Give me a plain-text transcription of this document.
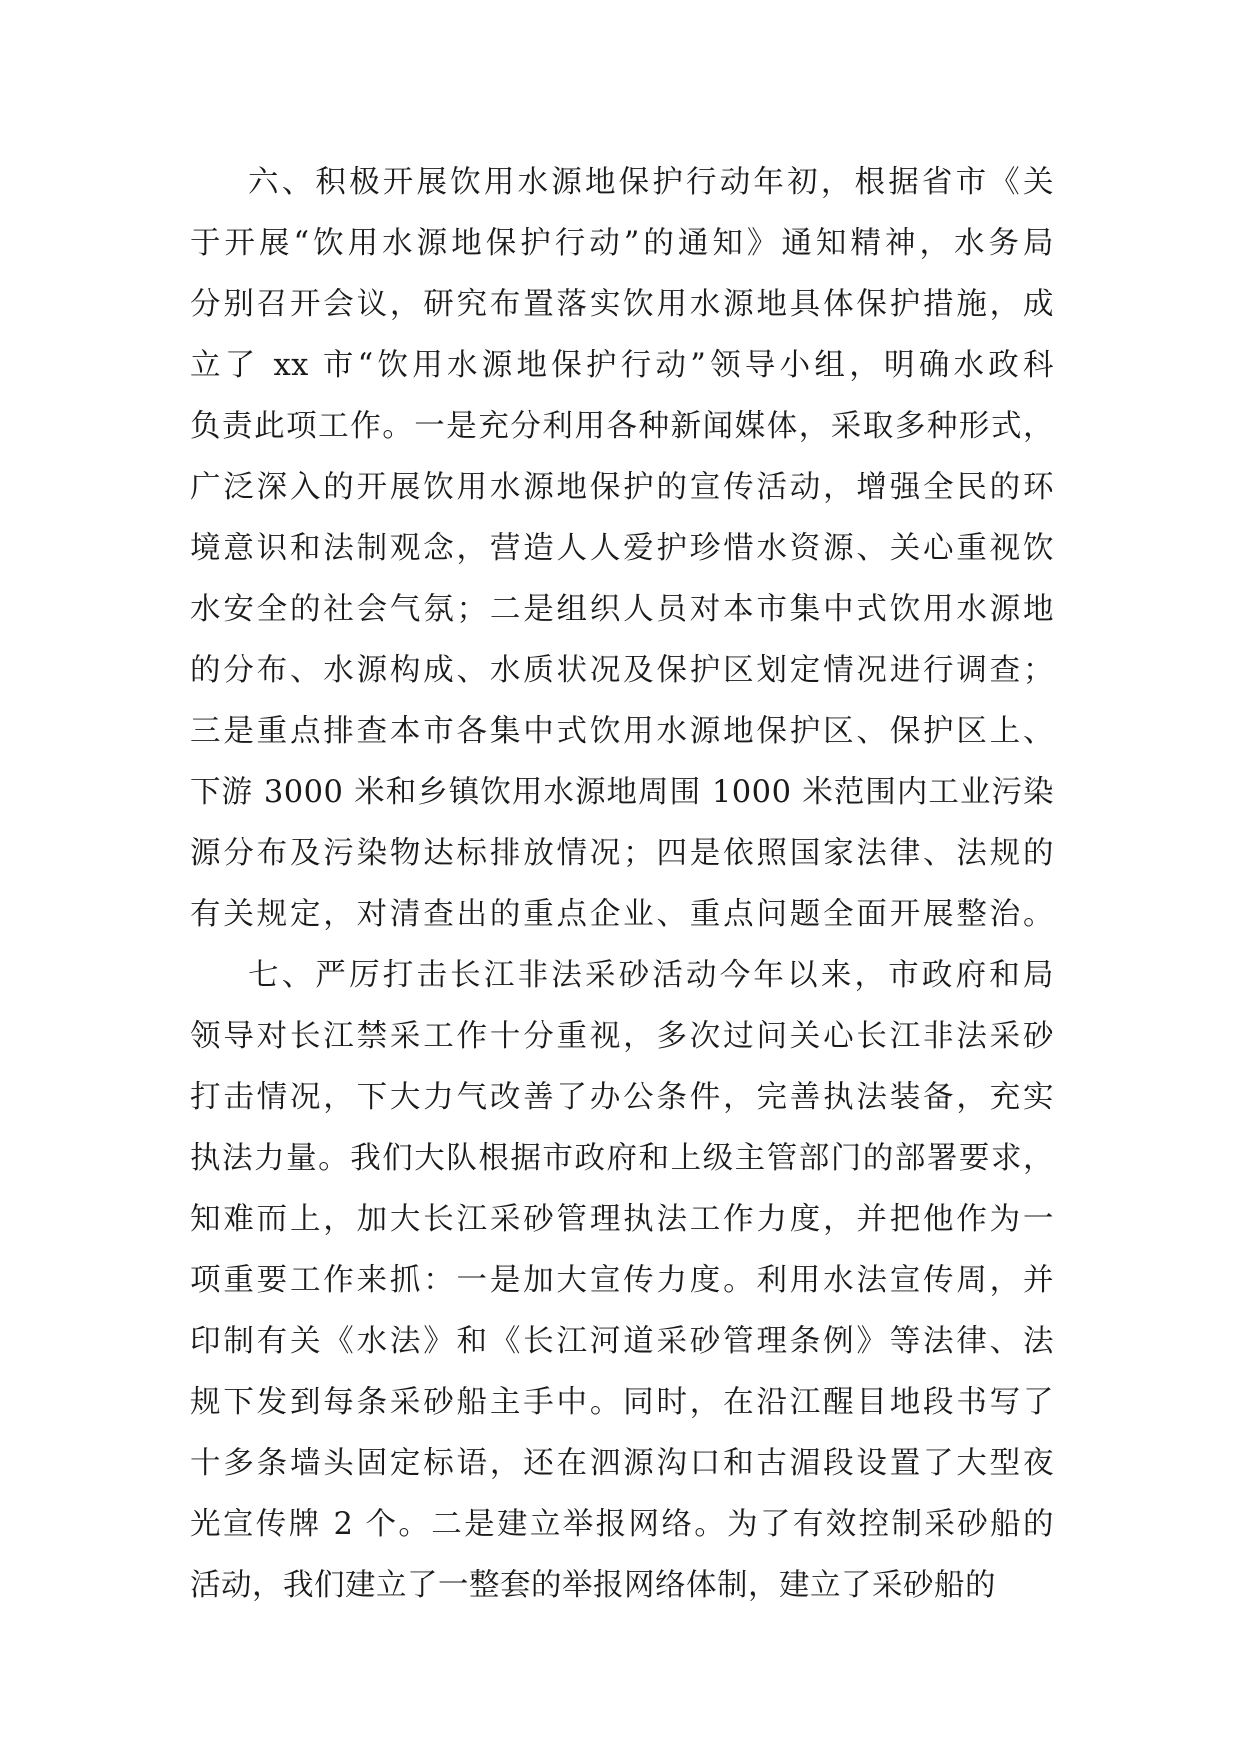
六、积极开展饮用水源地保护行动年初，根据省市《关
于开展“饮用水源地保护行动”的通知》通知精神，水务局
分别召开会议，研究布置落实饮用水源地具体保护措施，成
立了 xx 市“饮用水源地保护行动”领导小组，明确水政科
负责此项工作。一是充分利用各种新闻媒体，采取多种形式，
广泛深入的开展饮用水源地保护的宣传活动，增强全民的环
境意识和法制观念，营造人人爱护珍惜水资源、关心重视饮
水安全的社会气氛；二是组织人员对本市集中式饮用水源地
的分布、水源构成、水质状况及保护区划定情况进行调查；
三是重点排查本市各集中式饮用水源地保护区、保护区上、
下游 3000 米和乡镇饮用水源地周围 1000 米范围内工业污染
源分布及污染物达标排放情况；四是依照国家法律、法规的
有关规定，对清查出的重点企业、重点问题全面开展整治。
七、严厉打击长江非法采砂活动今年以来，市政府和局
领导对长江禁采工作十分重视，多次过问关心长江非法采砂
打击情况，下大力气改善了办公条件，完善执法装备，充实
执法力量。我们大队根据市政府和上级主管部门的部署要求，
知难而上，加大长江采砂管理执法工作力度，并把他作为一
项重要工作来抓：一是加大宣传力度。利用水法宣传周，并
印制有关《水法》和《长江河道采砂管理条例》等法律、法
规下发到每条采砂船主手中。同时，在沿江醒目地段书写了
十多条墙头固定标语，还在泗源沟口和古湄段设置了大型夜
光宣传牌 2 个。二是建立举报网络。为了有效控制采砂船的
活动，我们建立了一整套的举报网络体制，建立了采砂船的
